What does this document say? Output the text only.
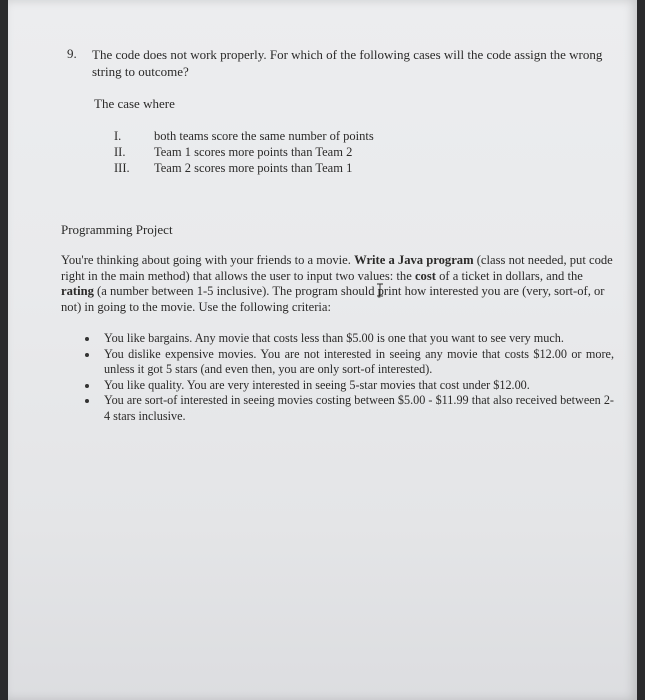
9. The code does not work properly. For which of the following cases will the code assign the wrong string to outcome?
The case where
I.	both teams score the same number of points
II.	Team 1 scores more points than Team 2
III.	Team 2 scores more points than Team 1
Programming Project
You're thinking about going with your friends to a movie. Write a Java program (class not needed, put code right in the main method) that allows the user to input two values: the cost of a ticket in dollars, and the rating (a number between 1-5 inclusive). The program should print how interested you are (very, sort-of, or not) in going to the movie. Use the following criteria:
You like bargains. Any movie that costs less than $5.00 is one that you want to see very much.
You dislike expensive movies. You are not interested in seeing any movie that costs $12.00 or more, unless it got 5 stars (and even then, you are only sort-of interested).
You like quality. You are very interested in seeing 5-star movies that cost under $12.00.
You are sort-of interested in seeing movies costing between $5.00 - $11.99 that also received between 2-4 stars inclusive.
